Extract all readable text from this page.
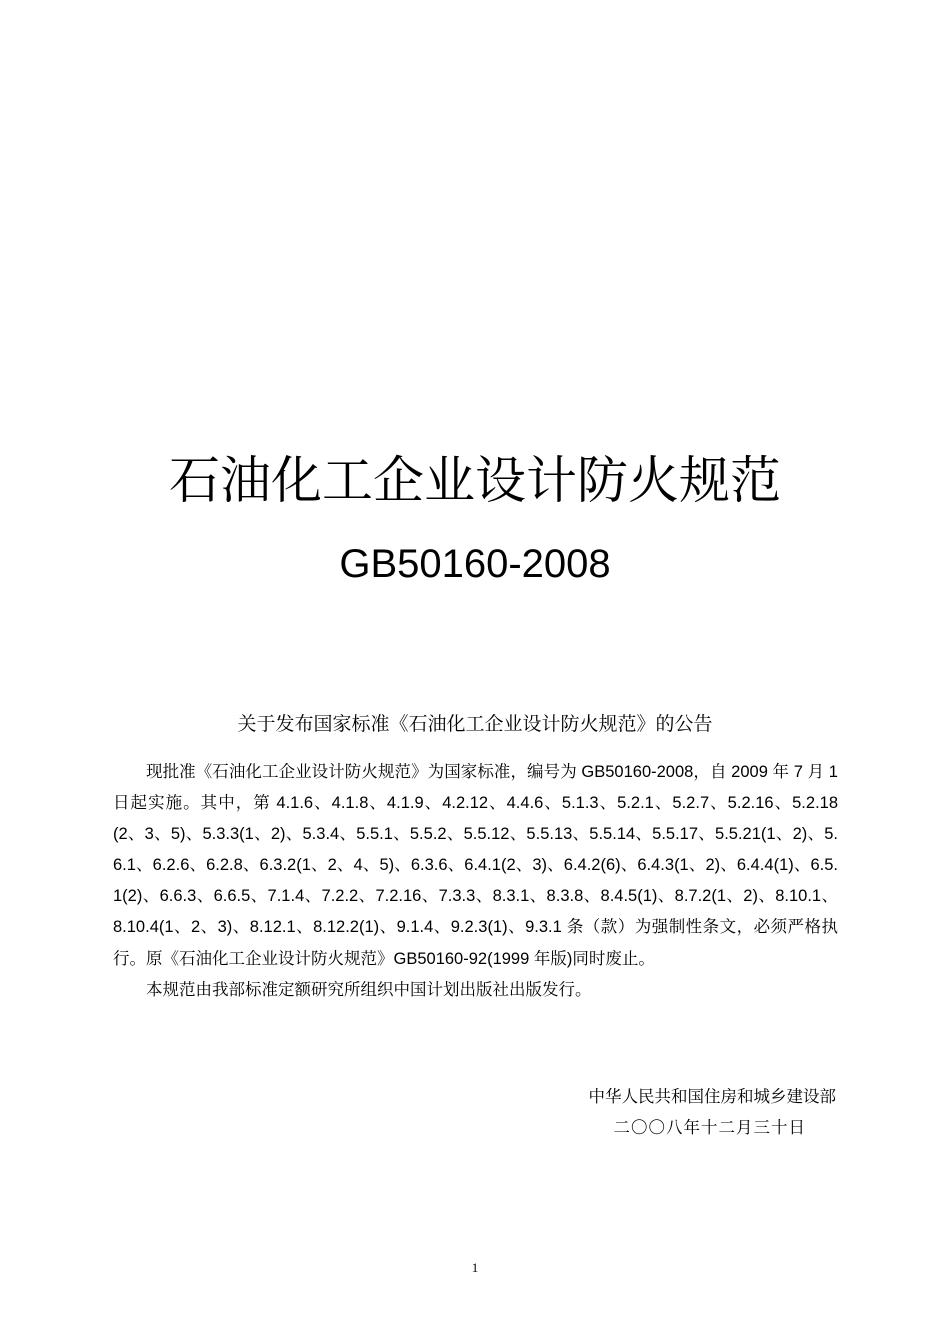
石油化工企业设计防火规范
GB50160-2008
关于发布国家标准《石油化工企业设计防火规范》的公告

现批准《石油化工企业设计防火规范》为国家标准，编号为 GB50160-2008，自 2009 年 7 月 1 日起实施。其中，第 4.1.6、4.1.8、4.1.9、4.2.12、4.4.6、5.1.3、5.2.1、5.2.7、5.2.16、5.2.18(2、3、5)、5.3.3(1、2)、5.3.4、5.5.1、5.5.2、5.5.12、5.5.13、5.5.14、5.5.17、5.5.21(1、2)、5.6.1、6.2.6、6.2.8、6.3.2(1、2、4、5)、6.3.6、6.4.1(2、3)、6.4.2(6)、6.4.3(1、2)、6.4.4(1)、6.5.1(2)、6.6.3、6.6.5、7.1.4、7.2.2、7.2.16、7.3.3、8.3.1、8.3.8、8.4.5(1)、8.7.2(1、2)、8.10.1、8.10.4(1、2、3)、8.12.1、8.12.2(1)、9.1.4、9.2.3(1)、9.3.1 条（款）为强制性条文，必须严格执行。原《石油化工企业设计防火规范》GB50160-92(1999 年版)同时废止。

本规范由我部标准定额研究所组织中国计划出版社出版发行。

中华人民共和国住房和城乡建设部
二〇〇八年十二月三十日
1
